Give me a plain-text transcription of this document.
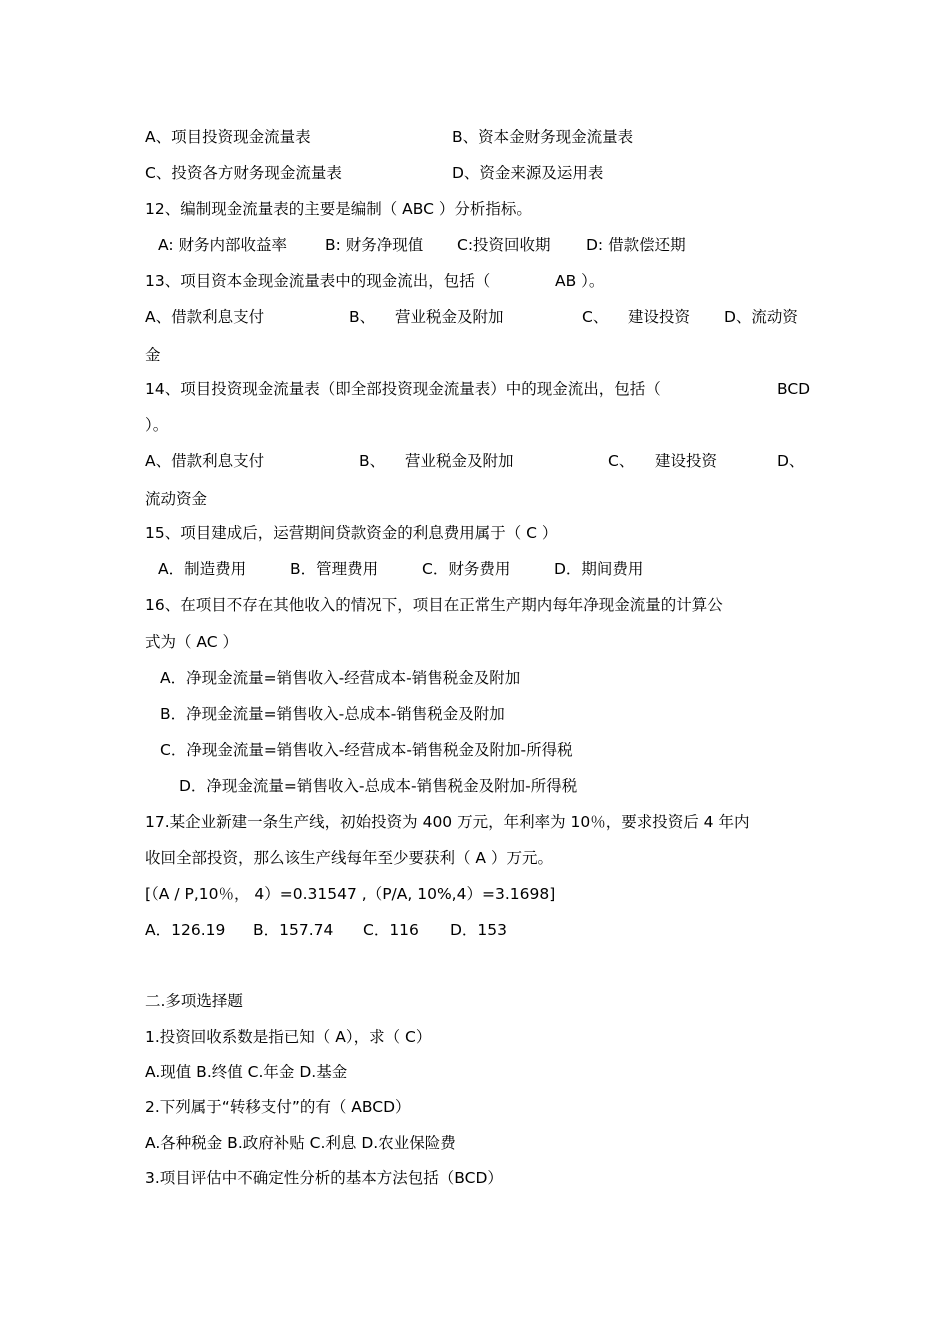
A、项目投资现金流量表	B、资本金财务现金流量表
C、投资各方财务现金流量表	D、资金来源及运用表
12、编制现金流量表的主要是编制（ ABC ）分析指标。
A: 财务内部收益率 B: 财务净现值 C:投资回收期 D: 借款偿还期
13、项目资本金现金流量表中的现金流出，包括（	AB ）。
A、借款利息支付	B、 营业税金及附加	C、 建设投资 D、流动资
金
14、项目投资现金流量表（即全部投资现金流量表）中的现金流出，包括（	BCD
）。
A、借款利息支付	B、 营业税金及附加	C、 建设投资	D、
流动资金
15、项目建成后，运营期间贷款资金的利息费用属于（ C ）
A．制造费用	B．管理费用	C．财务费用	D．期间费用
16、在项目不存在其他收入的情况下，项目在正常生产期内每年净现金流量的计算公
式为（ AC ）
A．净现金流量=销售收入-经营成本-销售税金及附加
B．净现金流量=销售收入-总成本-销售税金及附加
C．净现金流量=销售收入-经营成本-销售税金及附加-所得税
D．净现金流量=销售收入-总成本-销售税金及附加-所得税
17.某企业新建一条生产线，初始投资为 400 万元，年利率为 10％，要求投资后 4 年内
收回全部投资，那么该生产线每年至少要获利（ A ）万元。
[（A / P,10％， 4）=0.31547 ,（P/A, 10%,4）=3.1698]
A．126.19 B．157.74 C．116 D．153
二.多项选择题
1.投资回收系数是指已知（ A），求（ C）
A.现值 B.终值 C.年金 D.基金
2.下列属于“转移支付”的有（ ABCD）
A.各种税金 B.政府补贴 C.利息 D.农业保险费
3.项目评估中不确定性分析的基本方法包括（BCD）
